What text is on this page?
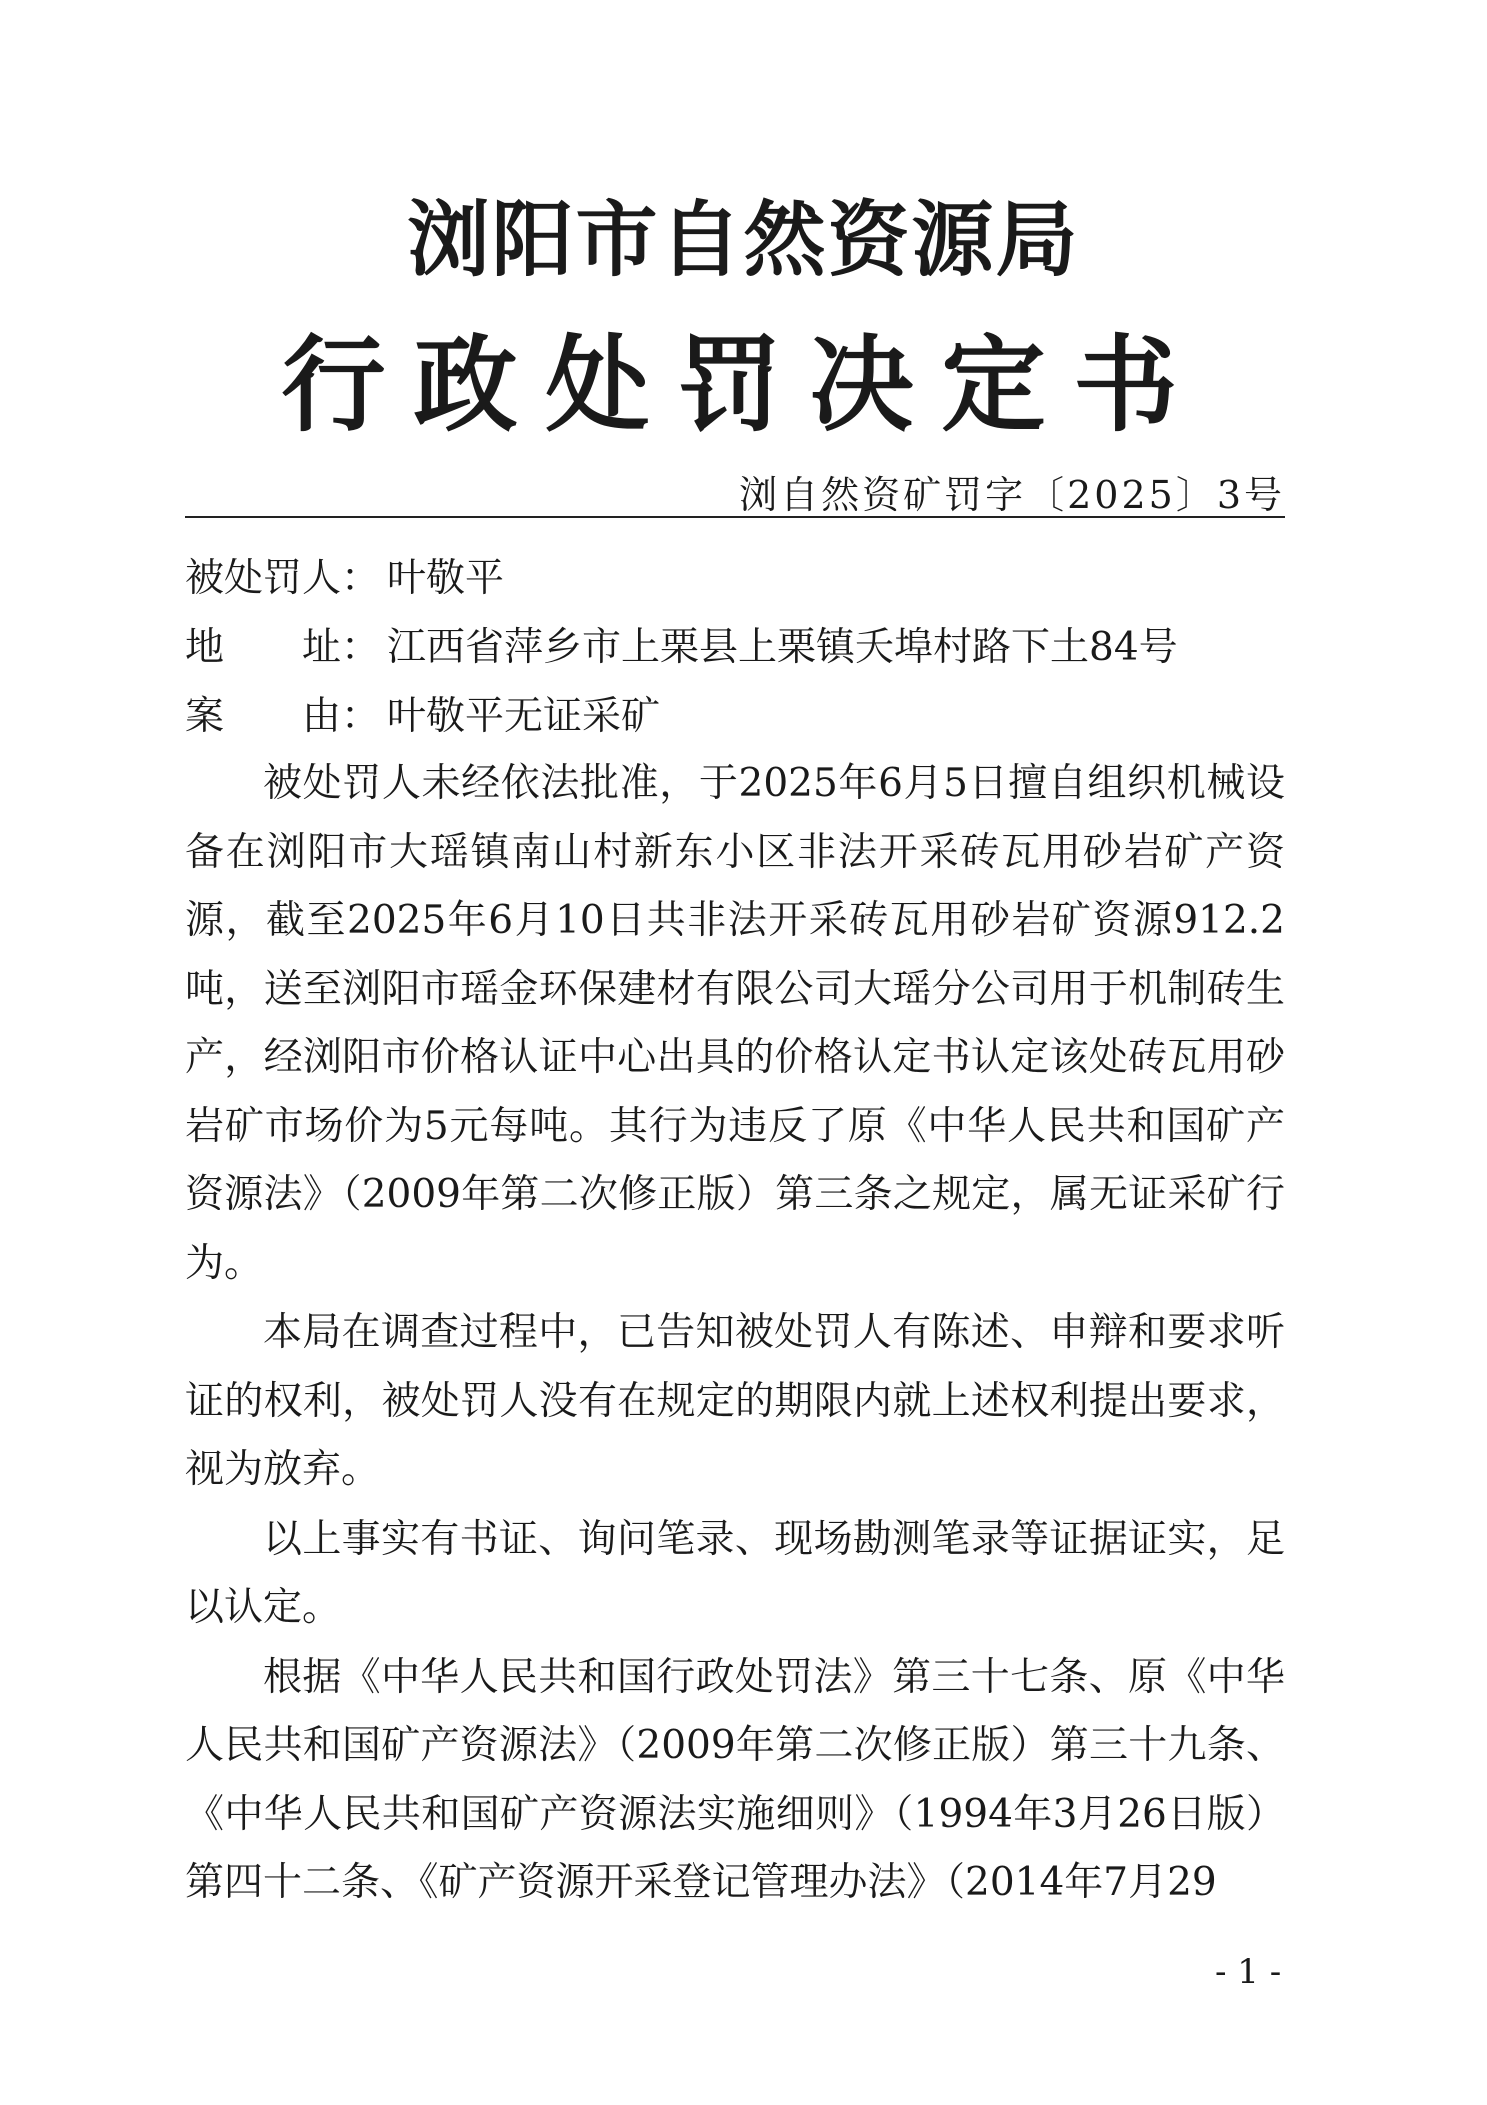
浏阳市自然资源局
行政处罚决定书
浏自然资矿罚字〔2025〕3号
被处罚人： 叶敬平
地　　址： 江西省萍乡市上栗县上栗镇夭埠村路下土84号
案　　由： 叶敬平无证采矿

被处罚人未经依法批准，于2025年6月5日擅自组织机械设备在浏阳市大瑶镇南山村新东小区非法开采砖瓦用砂岩矿产资源，截至2025年6月10日共非法开采砖瓦用砂岩矿资源912.2吨，送至浏阳市瑶金环保建材有限公司大瑶分公司用于机制砖生产，经浏阳市价格认证中心出具的价格认定书认定该处砖瓦用砂岩矿市场价为5元每吨。其行为违反了原《中华人民共和国矿产资源法》（2009年第二次修正版）第三条之规定，属无证采矿行为。

本局在调查过程中，已告知被处罚人有陈述、申辩和要求听证的权利，被处罚人没有在规定的期限内就上述权利提出要求，视为放弃。

以上事实有书证、询问笔录、现场勘测笔录等证据证实，足以认定。

根据《中华人民共和国行政处罚法》第三十七条、原《中华人民共和国矿产资源法》（2009年第二次修正版）第三十九条、《中华人民共和国矿产资源法实施细则》（1994年3月26日版）第四十二条、《矿产资源开采登记管理办法》（2014年7月29

- 1 -
